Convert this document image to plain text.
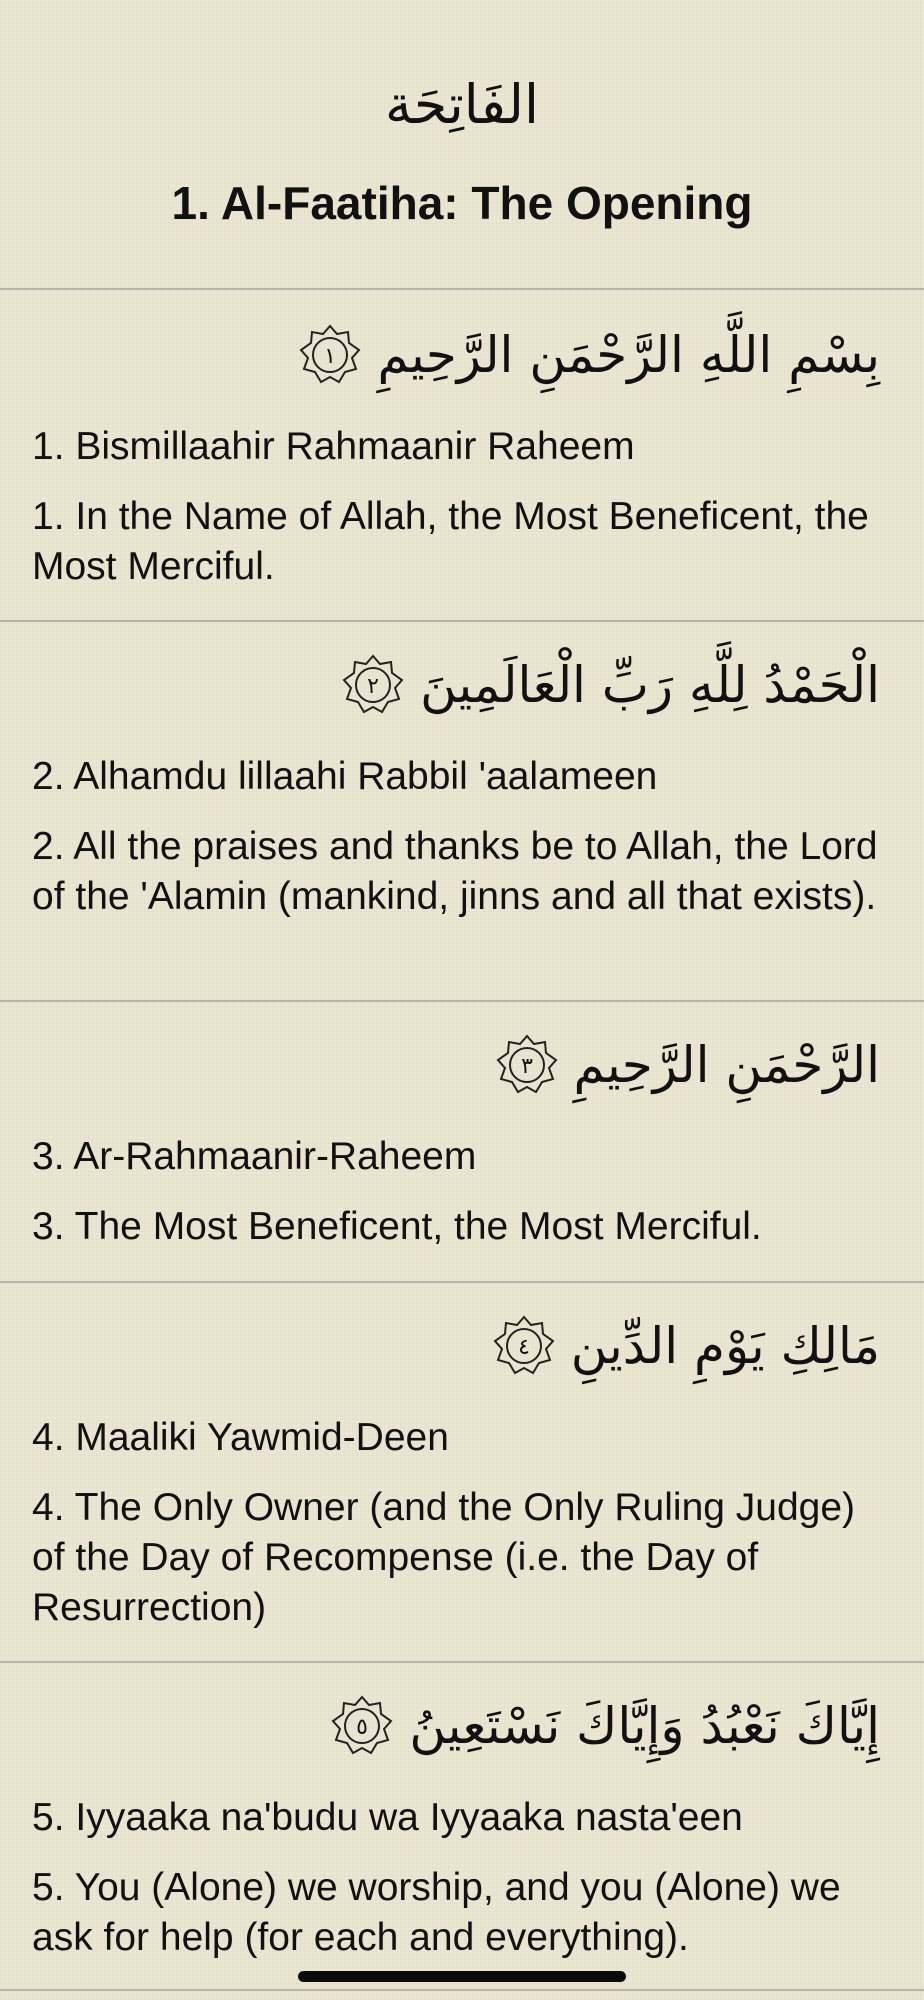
الفَاتِحَة
1. Al-Faatiha: The Opening
بِسْمِ اللَّهِ الرَّحْمَنِ الرَّحِيمِ
١
1. Bismillaahir Rahmaanir Raheem
1. In the Name of Allah, the Most Beneficent, the Most Merciful.
الْحَمْدُ لِلَّهِ رَبِّ الْعَالَمِينَ
٢
2. Alhamdu lillaahi Rabbil 'aalameen
2. All the praises and thanks be to Allah, the Lord of the 'Alamin (mankind, jinns and all that exists).
الرَّحْمَنِ الرَّحِيمِ
٣
3. Ar-Rahmaanir-Raheem
3. The Most Beneficent, the Most Merciful.
مَالِكِ يَوْمِ الدِّينِ
٤
4. Maaliki Yawmid-Deen
4. The Only Owner (and the Only Ruling Judge) of the Day of Recompense (i.e. the Day of Resurrection)
إِيَّاكَ نَعْبُدُ وَإِيَّاكَ نَسْتَعِينُ
٥
5. Iyyaaka na'budu wa Iyyaaka nasta'een
5. You (Alone) we worship, and you (Alone) we ask for help (for each and everything).
